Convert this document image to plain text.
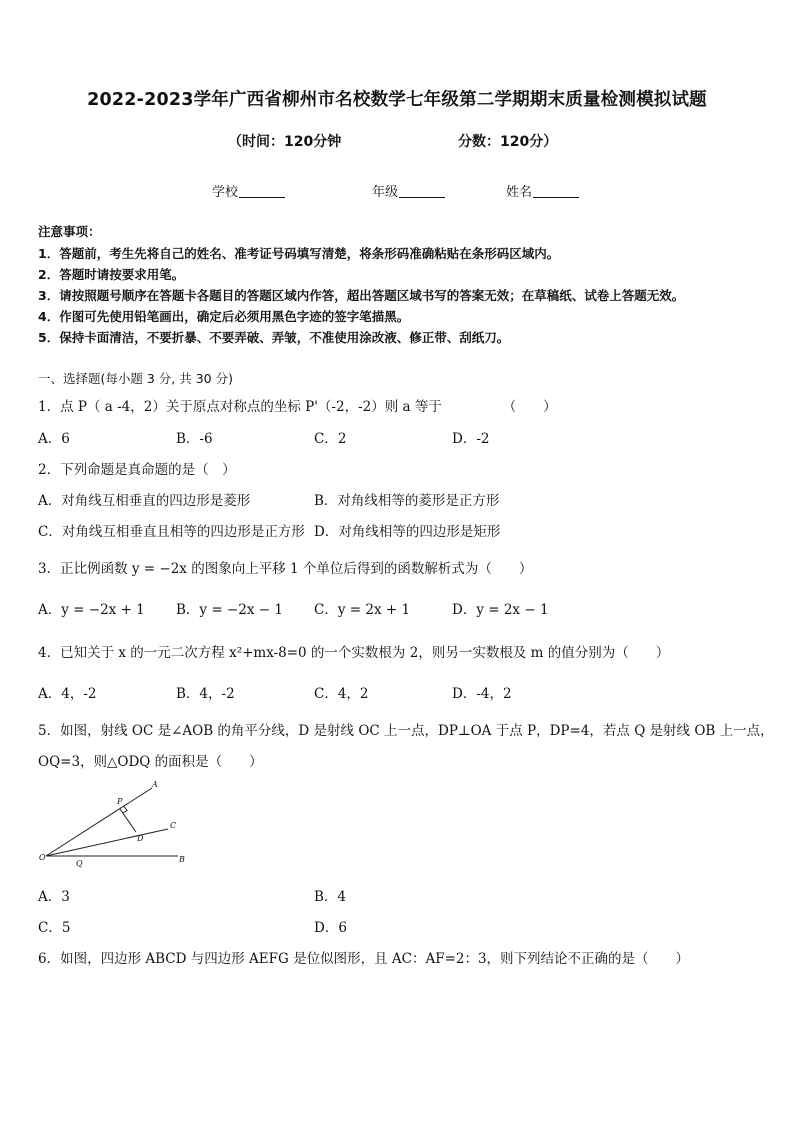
2022-2023学年广西省柳州市名校数学七年级第二学期期末质量检测模拟试题
（时间：120分钟	分数：120分）
学校	年级	姓名
注意事项：
1．答题前，考生先将自己的姓名、准考证号码填写清楚，将条形码准确粘贴在条形码区域内。
2．答题时请按要求用笔。
3．请按照题号顺序在答题卡各题目的答题区域内作答，超出答题区域书写的答案无效；在草稿纸、试卷上答题无效。
4．作图可先使用铅笔画出，确定后必须用黑色字迹的签字笔描黑。
5．保持卡面清洁，不要折暴、不要弄破、弄皱，不准使用涂改液、修正带、刮纸刀。
一、选择题(每小题 3 分, 共 30 分)
1．点 P（ a -4，2）关于原点对称点的坐标 P'（-2，-2）则 a 等于　　　　　（　　）
A．6	B．-6	C．2	D．-2
2．下列命题是真命题的是（　）
A．对角线互相垂直的四边形是菱形	B．对角线相等的菱形是正方形
C．对角线互相垂直且相等的四边形是正方形 D．对角线相等的四边形是矩形
3．正比例函数 y = −2x 的图象向上平移 1 个单位后得到的函数解析式为（　　）
A．y = −2x + 1 B．y = −2x − 1 C．y = 2x + 1	D．y = 2x − 1
4．已知关于 x 的一元二次方程 x²+mx-8=0 的一个实数根为 2，则另一实数根及 m 的值分别为（　　）
A．4，-2	B．4，-2	C．4，2	D．-4，2
5．如图，射线 OC 是∠AOB 的角平分线，D 是射线 OC 上一点，DP⊥OA 于点 P，DP=4，若点 Q 是射线 OB 上一点，
OQ=3，则△ODQ 的面积是（　　）
A
P
C
D
O
Q	B
A．3	B．4
C．5	D．6
6．如图，四边形 ABCD 与四边形 AEFG 是位似图形，且 AC：AF=2：3，则下列结论不正确的是（　　）
